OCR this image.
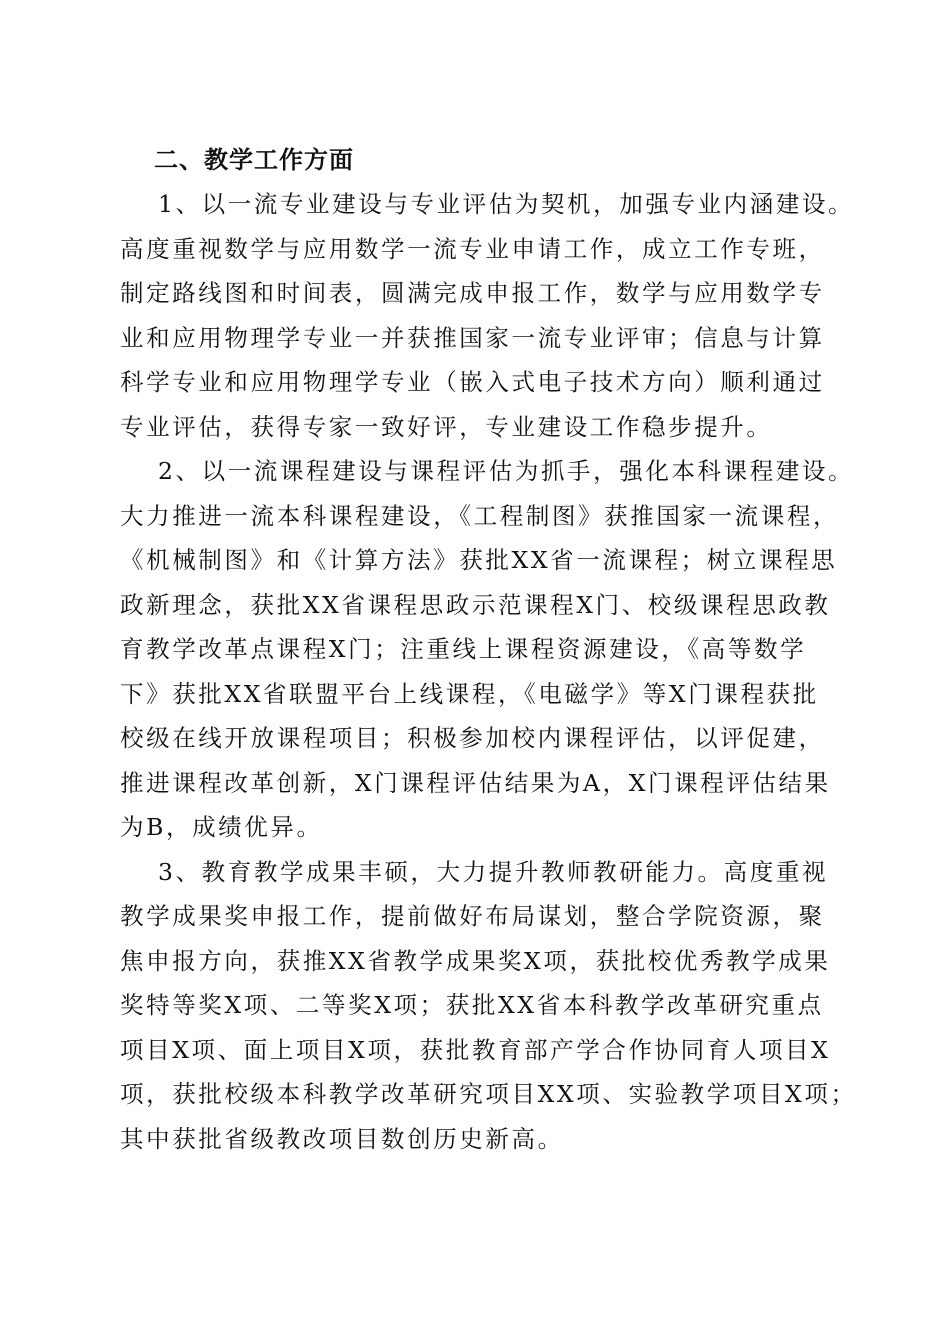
二、教学工作方面
1、以一流专业建设与专业评估为契机，加强专业内涵建设。
高度重视数学与应用数学一流专业申请工作，成立工作专班，
制定路线图和时间表，圆满完成申报工作，数学与应用数学专
业和应用物理学专业一并获推国家一流专业评审；信息与计算
科学专业和应用物理学专业（嵌入式电子技术方向）顺利通过
专业评估，获得专家一致好评，专业建设工作稳步提升。
2、以一流课程建设与课程评估为抓手，强化本科课程建设。
大力推进一流本科课程建设，《工程制图》获推国家一流课程，
《机械制图》和《计算方法》获批XX省一流课程；树立课程思
政新理念，获批XX省课程思政示范课程X门、校级课程思政教
育教学改革点课程X门；注重线上课程资源建设，《高等数学
下》获批XX省联盟平台上线课程，《电磁学》等X门课程获批
校级在线开放课程项目；积极参加校内课程评估，以评促建，
推进课程改革创新，X门课程评估结果为A，X门课程评估结果
为B，成绩优异。
3、教育教学成果丰硕，大力提升教师教研能力。高度重视
教学成果奖申报工作，提前做好布局谋划，整合学院资源，聚
焦申报方向，获推XX省教学成果奖X项，获批校优秀教学成果
奖特等奖X项、二等奖X项；获批XX省本科教学改革研究重点
项目X项、面上项目X项，获批教育部产学合作协同育人项目X
项，获批校级本科教学改革研究项目XX项、实验教学项目X项；
其中获批省级教改项目数创历史新高。
